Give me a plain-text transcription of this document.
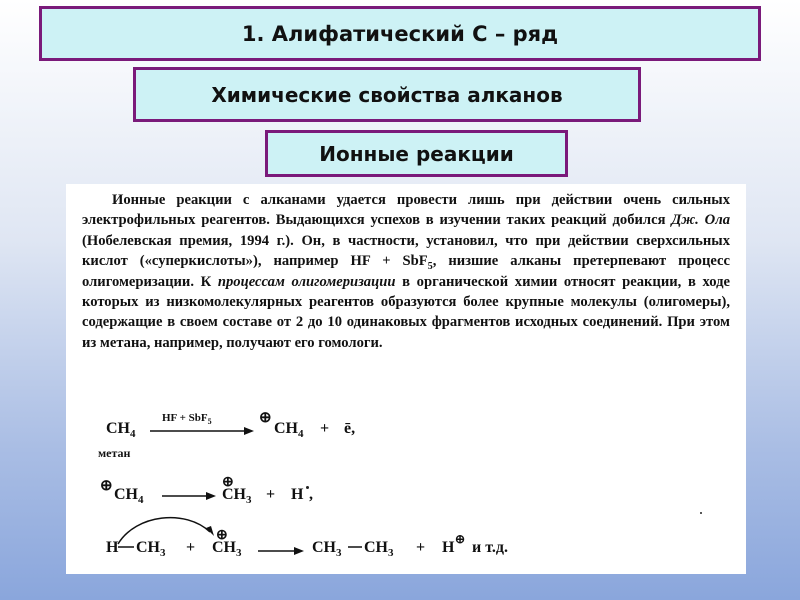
1. Алифатический С – ряд
Химические свойства алканов
Ионные реакции
Ионные реакции с алканами удается провести лишь при действии очень сильных электрофильных реагентов. Выдающихся успехов в изучении таких реакций добился Дж. Ола (Нобелевская премия, 1994 г.). Он, в частности, установил, что при действии сверхсильных кислот («суперкислоты»), например HF + SbF$_5$, низшие алканы претерпевают процесс олигомеризации. К процессам олигомеризации в органической химии относят реакции, в ходе которых из низкомолекулярных реагентов образуются более крупные молекулы (олигомеры), содержащие в своем составе от 2 до 10 одинаковых фрагментов исходных соединений. При этом из метана, например, получают его гомологи.
$CH_4$
HF + SbF$_5$	⊕
$CH_4$ + ē,
метан
⊕ $CH_4$
⊕
$CH_3 + H$ ,
H $CH_3$ +
⊕
$CH_3$	$CH_3$ $CH_3 + H$ ⊕ и т.д.
